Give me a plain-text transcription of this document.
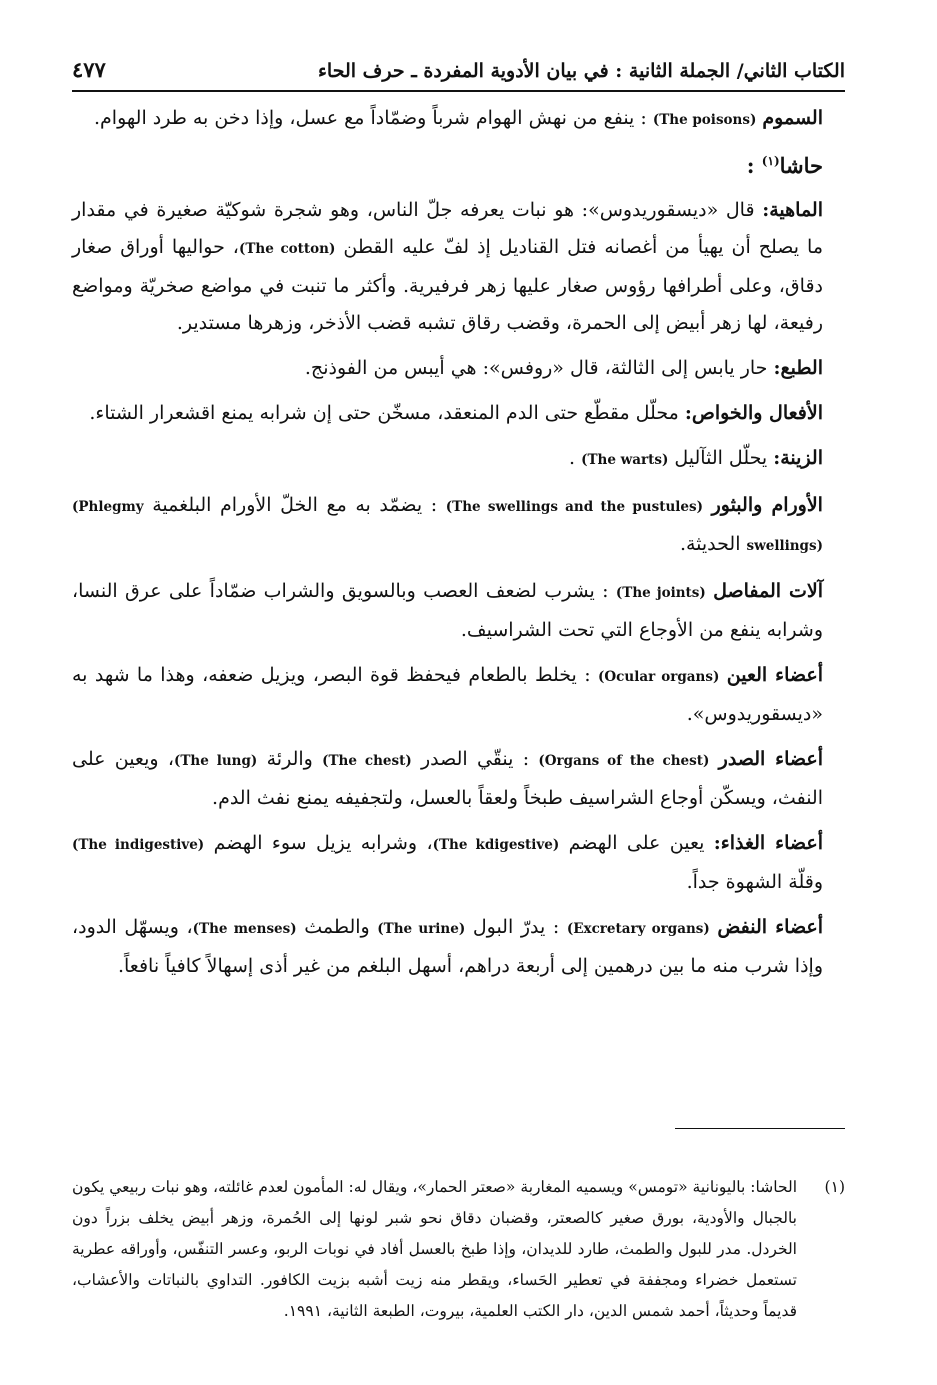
الكتاب الثاني/ الجملة الثانية : في بيان الأدوية المفردة ـ حرف الحاء
٤٧٧

السموم (The poisons) : ينفع من نهش الهوام شرباً وضمّاداً مع عسل، وإذا دخن به طرد الهوام.

حاشا$^{(١)}$ :

الماهية: قال «ديسقوريدوس»: هو نبات يعرفه جلّ الناس، وهو شجرة شوكيّة صغيرة في مقدار ما يصلح أن يهيأ من أغصانه فتل القناديل إذ لفّ عليه القطن (The cotton)، حواليها أوراق صغار دقاق، وعلى أطرافها رؤوس صغار عليها زهر فرفيرية. وأكثر ما تنبت في مواضع صخريّة ومواضع رفيعة، لها زهر أبيض إلى الحمرة، وقضب رقاق تشبه قضب الأذخر، وزهرها مستدير.

الطبع: حار يابس إلى الثالثة، قال «روفس»: هي أيبس من الفوذنج.

الأفعال والخواص: محلّل مقطّع حتى الدم المنعقد، مسخّن حتى إن شرابه يمنع اقشعرار الشتاء.

الزينة: يحلّل الثآليل (The warts) .

الأورام والبثور (The swellings and the pustules) : يضمّد به مع الخلّ الأورام البلغمية (Phlegmy swellings) الحديثة.

آلات المفاصل (The joints) : يشرب لضعف العصب وبالسويق والشراب ضمّاداً على عرق النسا، وشرابه ينفع من الأوجاع التي تحت الشراسيف.

أعضاء العين (Ocular organs) : يخلط بالطعام فيحفظ قوة البصر، ويزيل ضعفه، وهذا ما شهد به «ديسقوريدوس».

أعضاء الصدر (Organs of the chest) : ينقّي الصدر (The chest) والرئة (The lung)، ويعين على النفث، ويسكّن أوجاع الشراسيف طبخاً ولعقاً بالعسل، ولتجفيفه يمنع نفث الدم.

أعضاء الغذاء: يعين على الهضم (The kdigestive)، وشرابه يزيل سوء الهضم (The indigestive) وقلّة الشهوة جداً.

أعضاء النفض (Excretary organs) : يدرّ البول (The urine) والطمث (The menses)، ويسهّل الدود، وإذا شرب منه ما بين درهمين إلى أربعة دراهم، أسهل البلغم من غير أذى إسهالاً كافياً نافعاً.

(١)
الحاشا: باليونانية «تومس» ويسميه المغاربة «صعتر الحمار»، ويقال له: المأمون لعدم غائلته، وهو نبات ربيعي يكون بالجبال والأودية، بورق صغير كالصعتر، وقضبان دقاق نحو شبر لونها إلى الحُمرة، وزهر أبيض يخلف بزراً دون الخردل. مدر للبول والطمث، طارد للديدان، وإذا طبخ بالعسل أفاد في نوبات الربو، وعسر التنفّس، وأوراقه عطرية تستعمل خضراء ومجففة في تعطير الحَساء، ويقطر منه زيت أشبه بزيت الكافور. التداوي بالنباتات والأعشاب، قديماً وحديثاً، أحمد شمس الدين، دار الكتب العلمية، بيروت، الطبعة الثانية، ١٩٩١.
